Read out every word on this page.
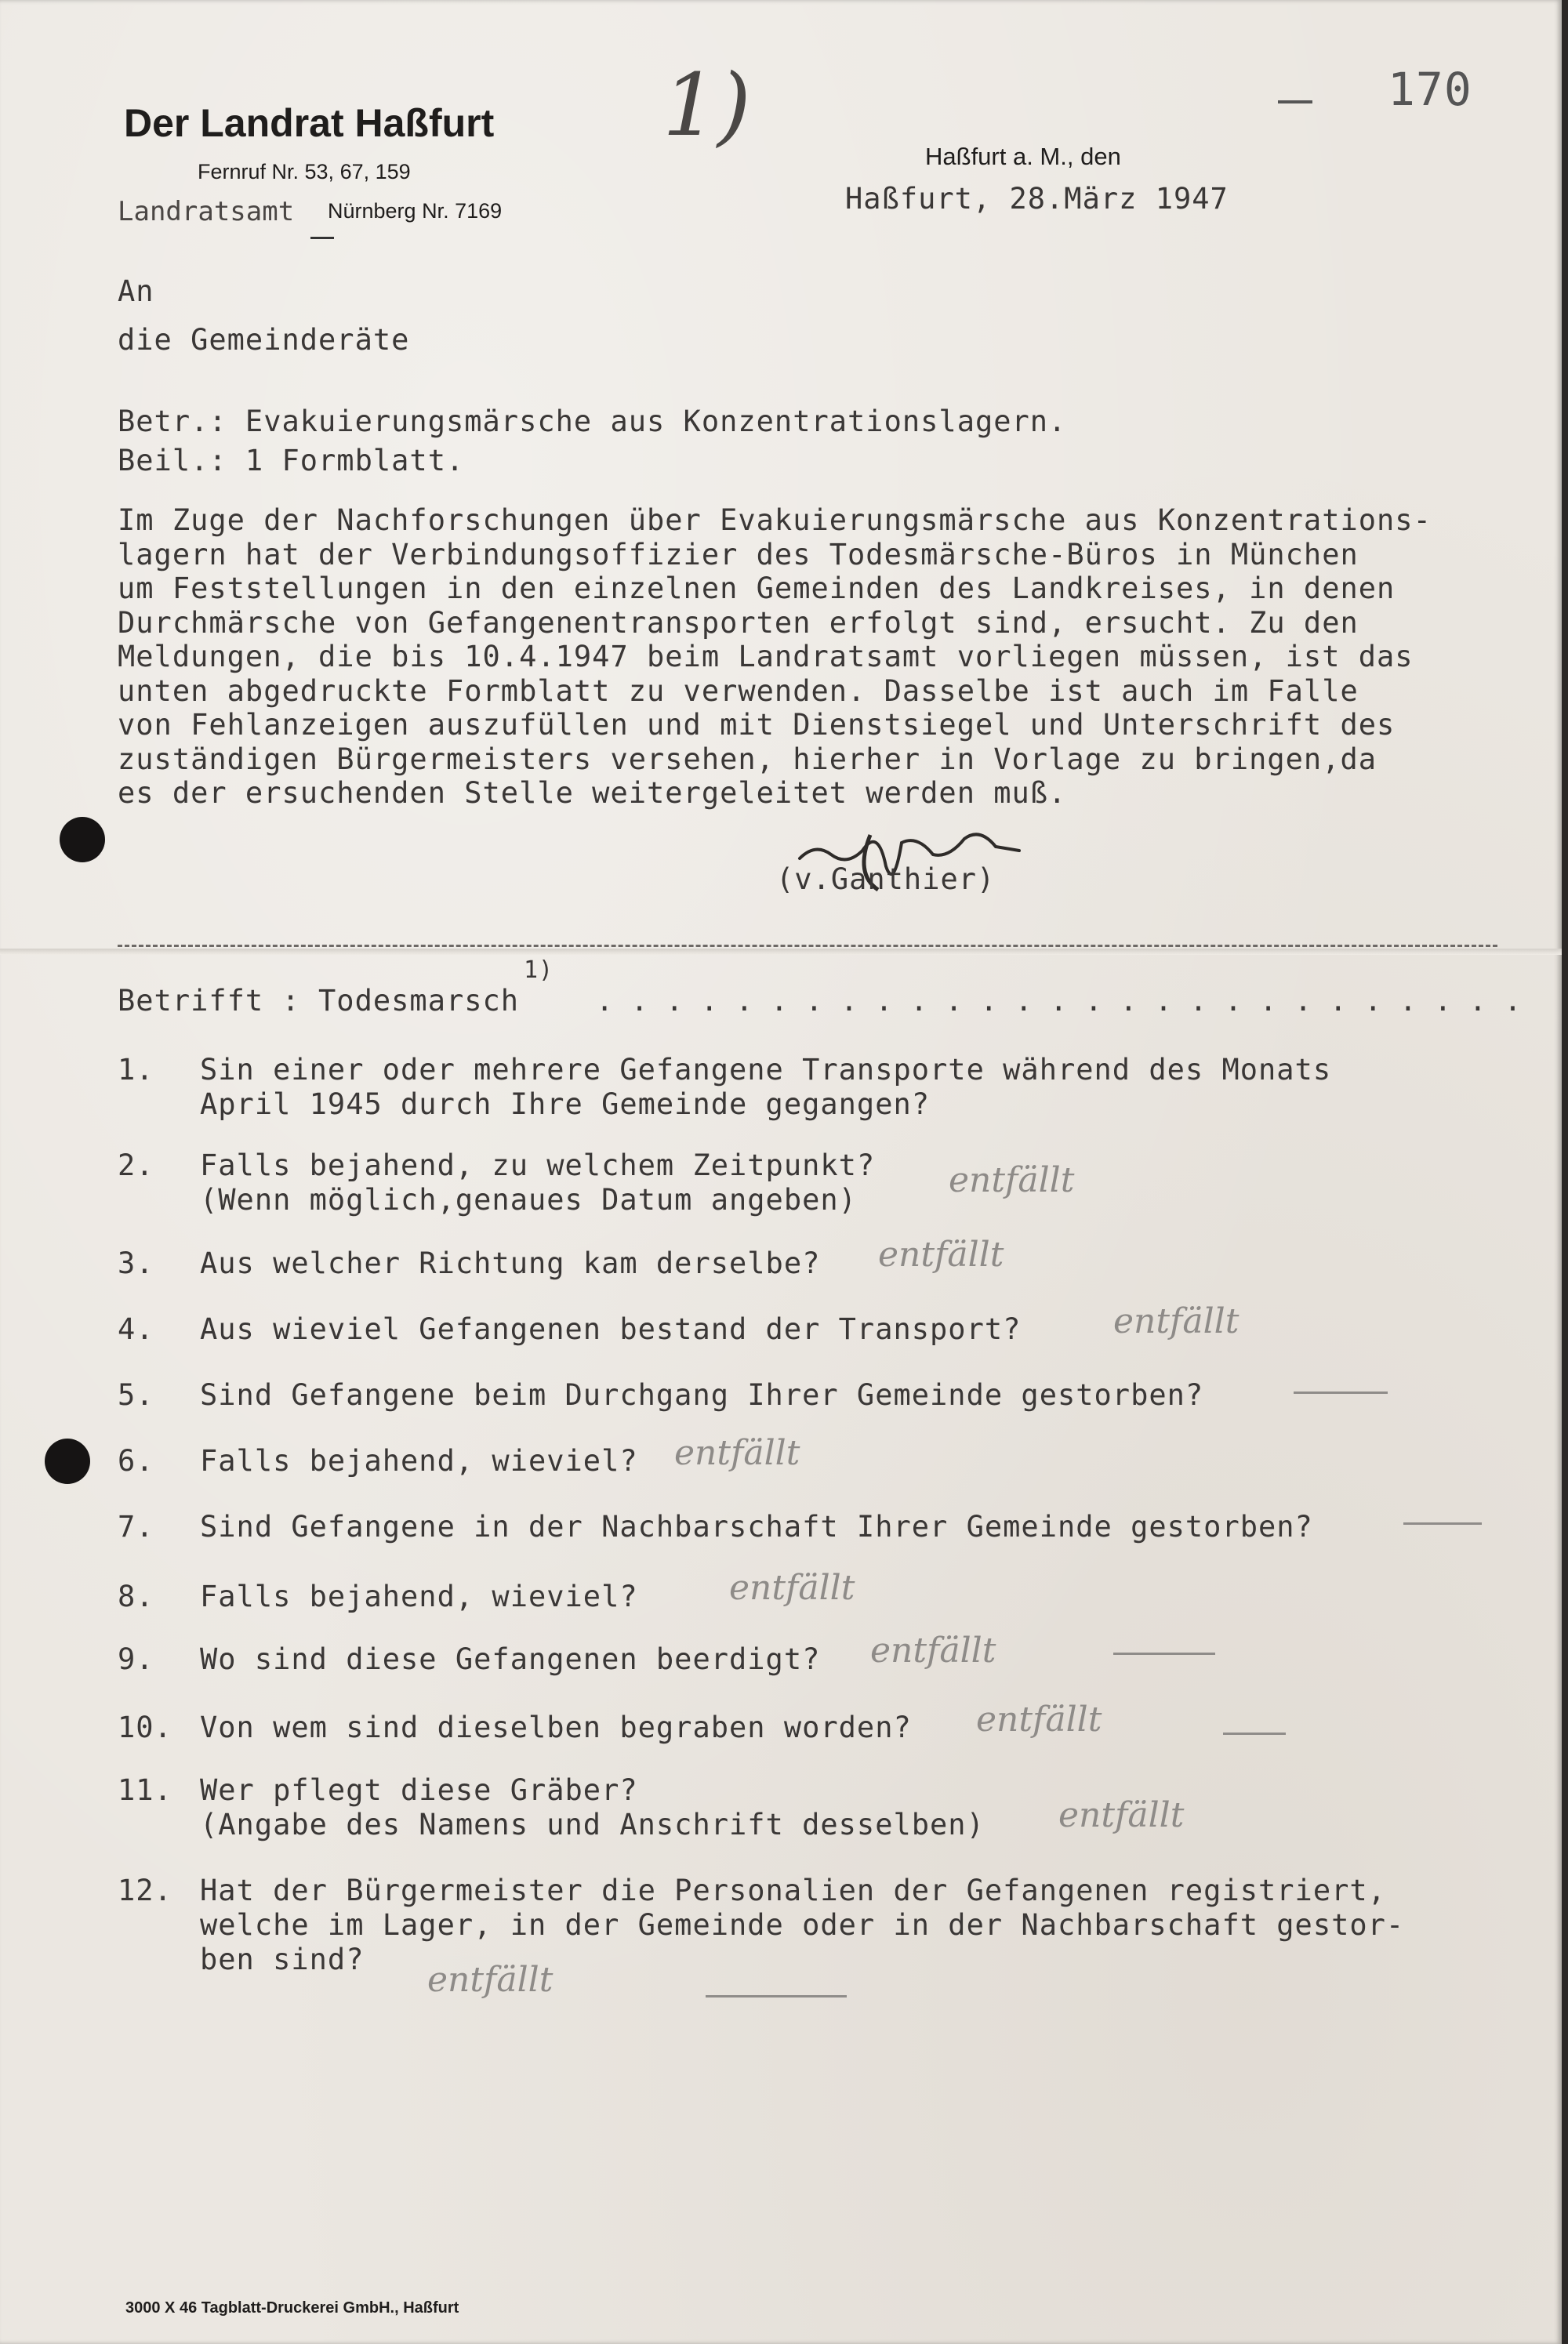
Der Landrat Haßfurt
Fernruf Nr. 53, 67, 159
Landratsamt Nürnberg Nr. 7169
1)	170
Haßfurt a. M., den
Haßfurt, 28.März 1947
An
die Gemeinderäte
Betr.: Evakuierungsmärsche aus Konzentrationslagern.
Beil.: 1 Formblatt.
Im Zuge der Nachforschungen über Evakuierungsmärsche aus Konzentrations-
lagern hat der Verbindungsoffizier des Todesmärsche-Büros in München
um Feststellungen in den einzelnen Gemeinden des Landkreises, in denen
Durchmärsche von Gefangenentransporten erfolgt sind, ersucht. Zu den
Meldungen, die bis 10.4.1947 beim Landratsamt vorliegen müssen, ist das
unten abgedruckte Formblatt zu verwenden. Dasselbe ist auch im Falle
von Fehlanzeigen auszufüllen und mit Dienstsiegel und Unterschrift des
zuständigen Bürgermeisters versehen, hierher in Vorlage zu bringen,da
es der ersuchenden Stelle weitergeleitet werden muß.
(v.Ganthier)
Betrifft : Todesmarsch
1)
. . . . . . . . . . . . . . . . . . . . . . . . . . .
1.	Sin einer oder mehrere Gefangene Transporte während des Monats
April 1945 durch Ihre Gemeinde gegangen?
2.	Falls bejahend, zu welchem Zeitpunkt?
(Wenn möglich,genaues Datum angeben)	entfällt
3.	Aus welcher Richtung kam derselbe? entfällt
4.	Aus wieviel Gefangenen bestand der Transport?	entfällt
5.	Sind Gefangene beim Durchgang Ihrer Gemeinde gestorben?
6.	Falls bejahend, wieviel? entfällt
7.	Sind Gefangene in der Nachbarschaft Ihrer Gemeinde gestorben?
8.	Falls bejahend, wieviel?	entfällt
9.	Wo sind diese Gefangenen beerdigt? entfällt
10. Von wem sind dieselben begraben worden? entfällt
11. Wer pflegt diese Gräber?
(Angabe des Namens und Anschrift desselben) entfällt
12. Hat der Bürgermeister die Personalien der Gefangenen registriert,
welche im Lager, in der Gemeinde oder in der Nachbarschaft gestor-
ben sind?
entfällt
3000 X 46 Tagblatt-Druckerei GmbH., Haßfurt
